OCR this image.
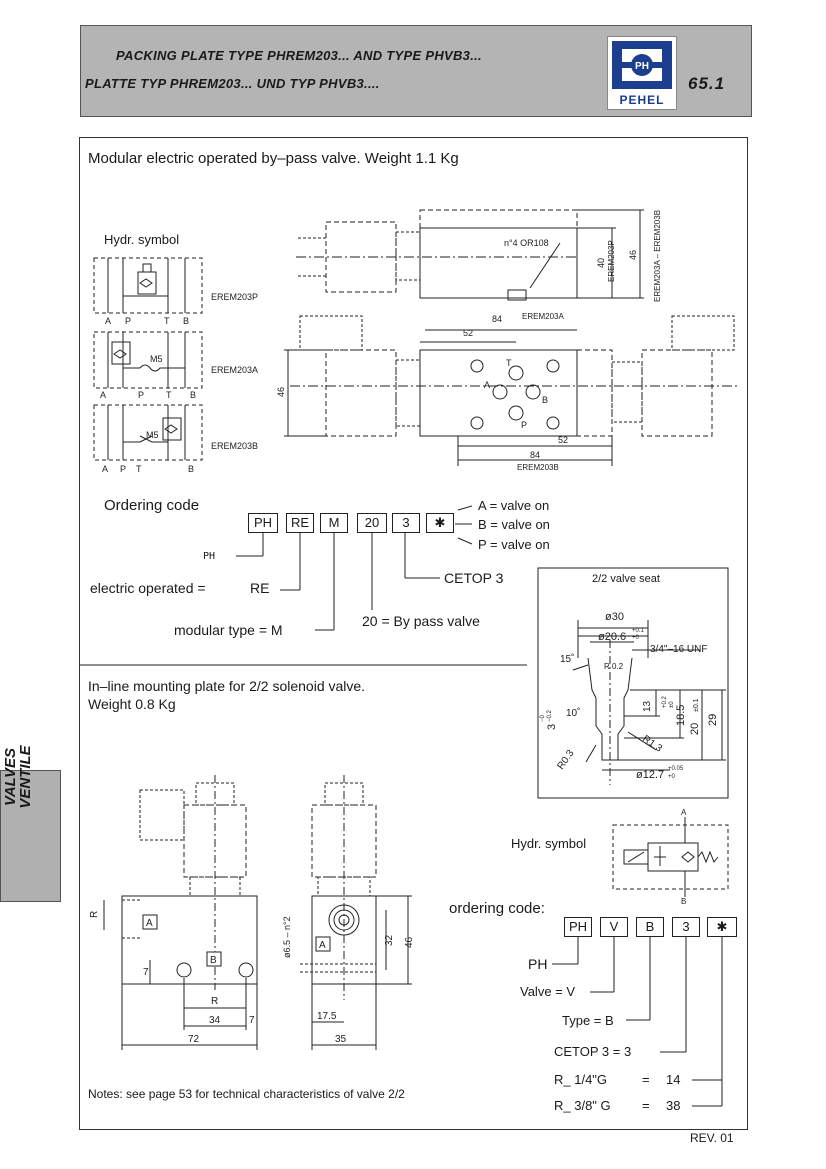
PACKING PLATE TYPE PHREM203... AND TYPE PHVB3...
PLATTE TYP PHREM203... UND TYP PHVB3....
PH
PEHEL
65.1
VALVES
VENTILE
EREM203P
EREM203A
EREM203B
A P	T B
M5
A	P T B
M5
A P T	B
n°4 OR108
40 EREM203P 46 EREM203A – EREM203B
84 EREM203A
52
46
52
84
EREM203B
T
A
B
P
ø30
ø20.6 +0.1
+0
3/4"–16 UNF
15˚
R 0.2
13 +0.2 ±0 18.5
20
±0.1
29
3
−0 −0.2 10˚
R0.3
R1.3
ø12.7 +0.05
+0
R
7
R
34	7
72
ø6.5 – n°2	32 46
17.5
35
A
B
A
B
A
Modular electric operated by–pass valve. Weight 1.1 Kg
Hydr. symbol
Ordering code
PH	RE	M	20	3	✱
A = valve on
B = valve on
P = valve on
PH
electric operated =	RE
CETOP 3
modular type = M
20 = By pass valve
2/2 valve seat
In–line mounting plate for 2/2 solenoid valve.
Weight 0.8 Kg
Hydr. symbol
ordering code:
PH	V	B	3	✱
PH
Valve = V
Type = B
CETOP 3 = 3
R_ 1/4"G	= 14
R_ 3/8" G = 38
Notes: see page 53 for technical characteristics of valve 2/2
REV. 01
